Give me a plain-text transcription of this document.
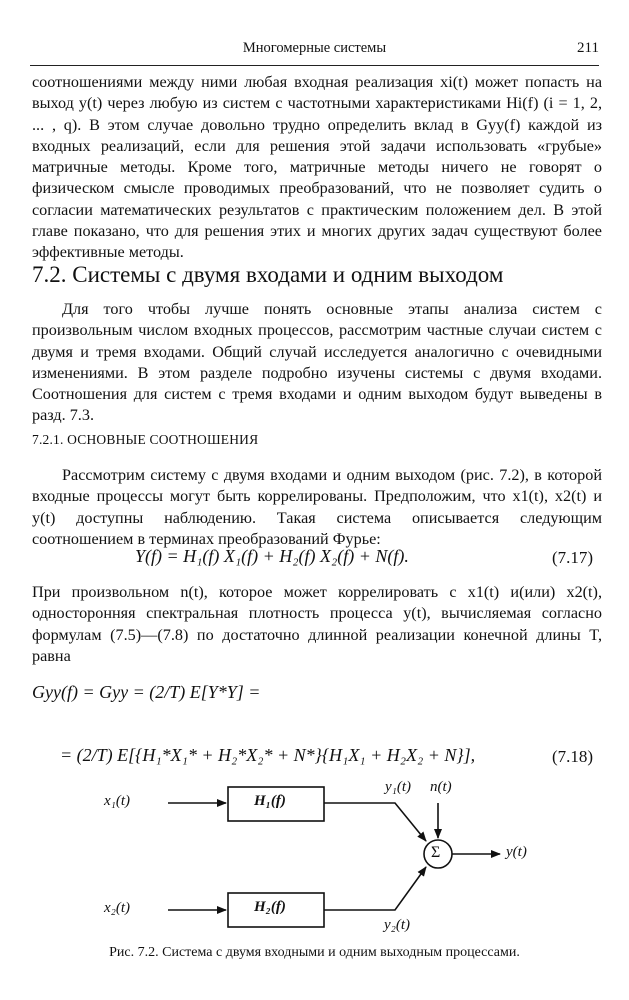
Многомерные системы	211

соотношениями между ними любая входная реализация xi(t) может попасть на выход y(t) через любую из систем с частотными характеристиками Hi(f) (i = 1, 2, ... , q). В этом случае довольно трудно определить вклад в Gyy(f) каждой из входных реализаций, если для решения этой задачи использовать «грубые» матричные методы. Кроме того, матричные методы ничего не говорят о физическом смысле проводимых преобразований, что не позволяет судить о согласии математических результатов с практическим положением дел. В этой главе показано, что для решения этих и многих других задач существуют более эффективные методы.

7.2. Системы с двумя входами и одним выходом

Для того чтобы лучше понять основные этапы анализа систем с произвольным числом входных процессов, рассмотрим частные случаи систем с двумя и тремя входами. Общий случай исследуется аналогично с очевидными изменениями. В этом разделе подробно изучены системы с двумя входами. Соотношения для систем с тремя входами и одним выходом будут выведены в разд. 7.3.

7.2.1. ОСНОВНЫЕ СООТНОШЕНИЯ

Рассмотрим систему с двумя входами и одним выходом (рис. 7.2), в которой входные процессы могут быть коррелированы. Предположим, что x1(t), x2(t) и y(t) доступны наблюдению. Такая система описывается следующим соотношением в терминах преобразований Фурье:

Y(f) = H₁(f) X₁(f) + H₂(f) X₂(f) + N(f).	(7.17)

При произвольном n(t), которое может коррелировать с x1(t) и(или) x2(t), односторонняя спектральная плотность процесса y(t), вычисляемая согласно формулам (7.5)—(7.8) по достаточно длинной реализации конечной длины T, равна

Gyy(f) = Gyy = (2/T) E[Y*Y] =
= (2/T) E[{H₁*X₁* + H₂*X₂* + N*}{H₁X₁ + H₂X₂ + N}],	(7.18)
x₁(t)
x₂(t)
H₁(f)
H₂(f)
y₁(t)
y₂(t)
n(t)
Σ	y(t)
Рис. 7.2. Система с двумя входными и одним выходным процессами.
